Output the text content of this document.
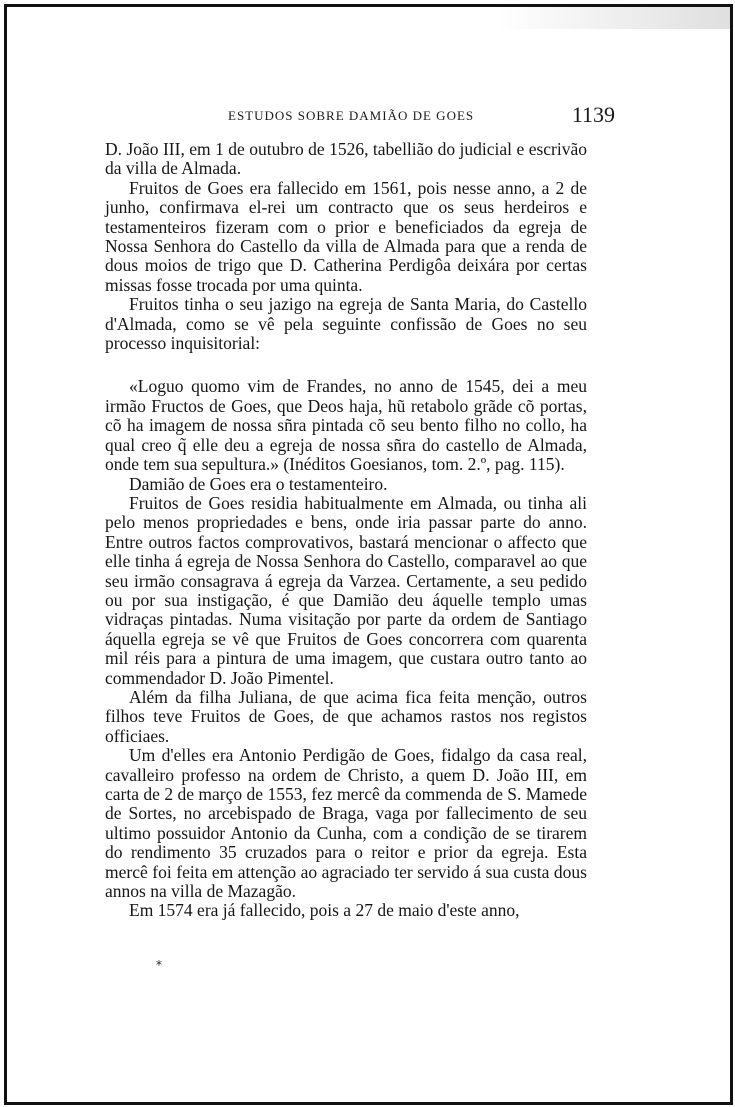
ESTUDOS SOBRE DAMIÃO DE GOES	1139

D. João III, em 1 de outubro de 1526, tabellião do judicial e escrivão da villa de Almada.

Fruitos de Goes era fallecido em 1561, pois nesse anno, a 2 de junho, confirmava el-rei um contracto que os seus herdeiros e testamenteiros fizeram com o prior e beneficiados da egreja de Nossa Senhora do Castello da villa de Almada para que a renda de dous moios de trigo que D. Catherina Perdigôa deixára por certas missas fosse trocada por uma quinta.

Fruitos tinha o seu jazigo na egreja de Santa Maria, do Castello d'Almada, como se vê pela seguinte confissão de Goes no seu processo inquisitorial:

«Loguo quomo vim de Frandes, no anno de 1545, dei a meu irmão Fructos de Goes, que Deos haja, hũ retabolo grãde cõ portas, cõ ha imagem de nossa sñra pintada cõ seu bento filho no collo, ha qual creo q̃ elle deu a egreja de nossa sñra do castello de Almada, onde tem sua sepultura.» (Inéditos Goesianos, tom. 2.º, pag. 115).

Damião de Goes era o testamenteiro.

Fruitos de Goes residia habitualmente em Almada, ou tinha ali pelo menos propriedades e bens, onde iria passar parte do anno. Entre outros factos comprovativos, bastará mencionar o affecto que elle tinha á egreja de Nossa Senhora do Castello, comparavel ao que seu irmão consagrava á egreja da Varzea. Certamente, a seu pedido ou por sua instigação, é que Damião deu áquelle templo umas vidraças pintadas. Numa visitação por parte da ordem de Santiago áquella egreja se vê que Fruitos de Goes concorrera com quarenta mil réis para a pintura de uma imagem, que custara outro tanto ao commendador D. João Pimentel.

Além da filha Juliana, de que acima fica feita menção, outros filhos teve Fruitos de Goes, de que achamos rastos nos registos officiaes.

Um d'elles era Antonio Perdigão de Goes, fidalgo da casa real, cavalleiro professo na ordem de Christo, a quem D. João III, em carta de 2 de março de 1553, fez mercê da commenda de S. Mamede de Sortes, no arcebispado de Braga, vaga por fallecimento de seu ultimo possuidor Antonio da Cunha, com a condição de se tirarem do rendimento 35 cruzados para o reitor e prior da egreja. Esta mercê foi feita em attenção ao agraciado ter servido á sua custa dous annos na villa de Mazagão.

Em 1574 era já fallecido, pois a 27 de maio d'este anno,

*
